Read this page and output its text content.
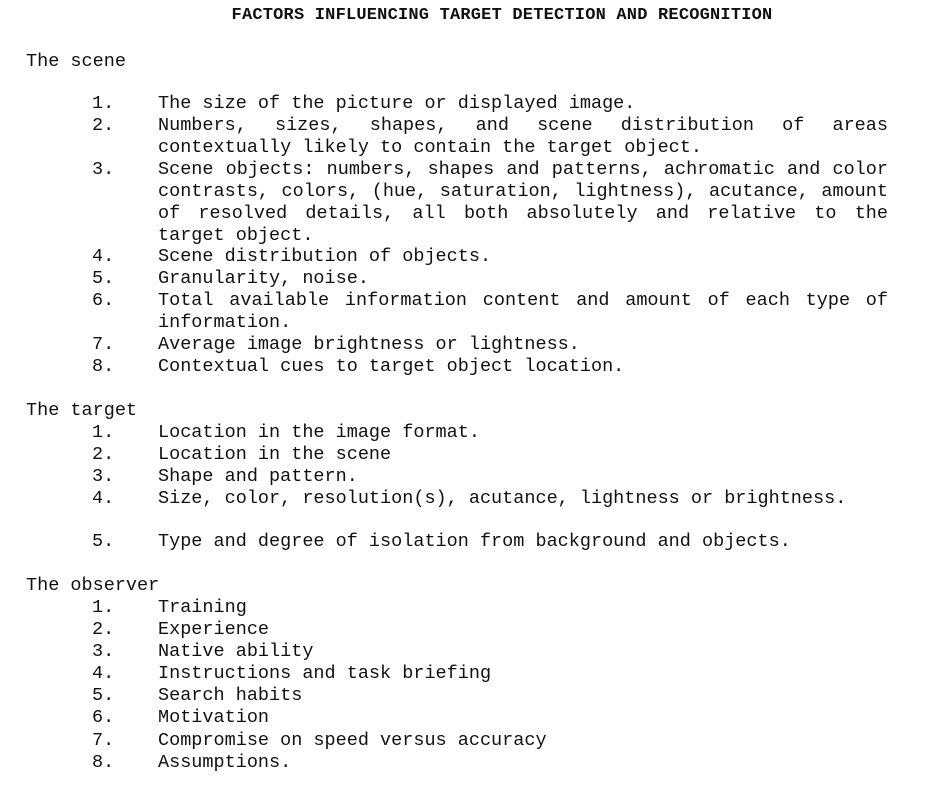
FACTORS INFLUENCING TARGET DETECTION AND RECOGNITION
The scene
1. The size of the picture or displayed image.
2. Numbers, sizes, shapes, and scene distribution of areas contextually likely to contain the target object.
3. Scene objects: numbers, shapes and patterns, achromatic and color contrasts, colors, (hue, saturation, lightness), acutance, amount of resolved details, all both absolutely and relative to the target object.
4. Scene distribution of objects.
5. Granularity, noise.
6. Total available information content and amount of each type of information.
7. Average image brightness or lightness.
8. Contextual cues to target object location.
The target
1. Location in the image format.
2. Location in the scene
3. Shape and pattern.
4. Size, color, resolution(s), acutance, lightness or brightness.
5. Type and degree of isolation from background and objects.
The observer
1. Training
2. Experience
3. Native ability
4. Instructions and task briefing
5. Search habits
6. Motivation
7. Compromise on speed versus accuracy
8. Assumptions.
